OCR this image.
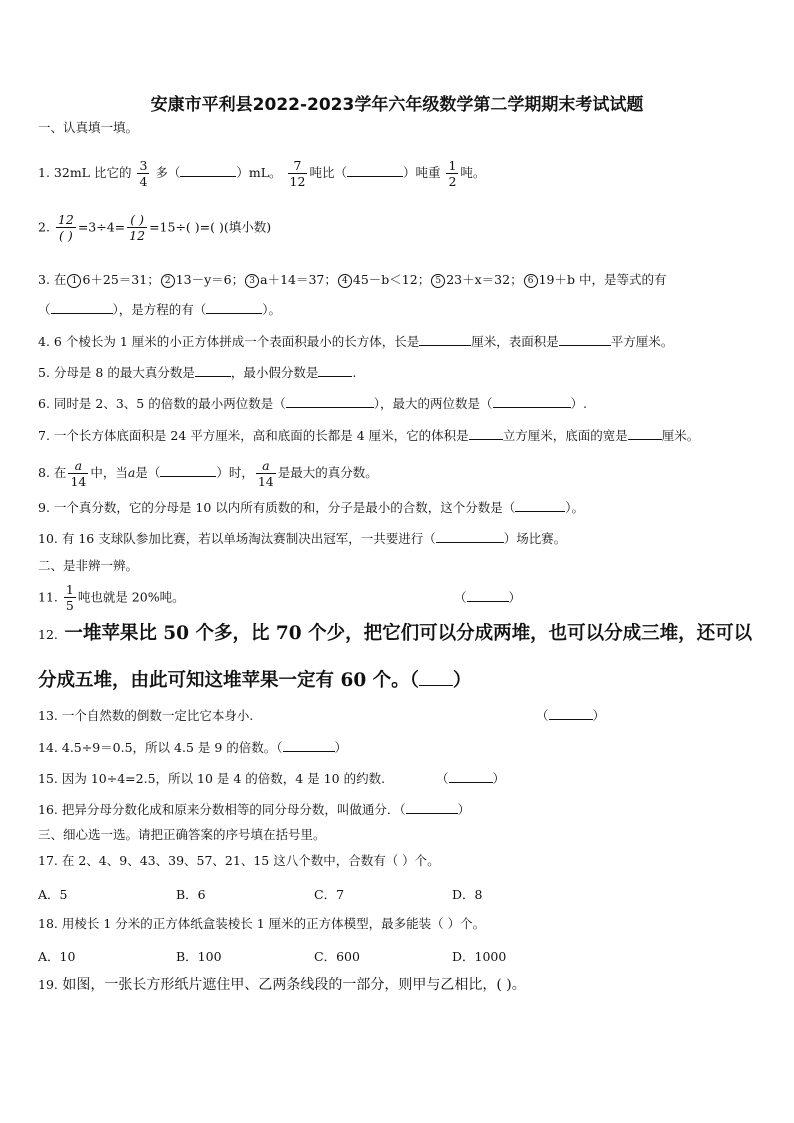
安康市平利县2022-2023学年六年级数学第二学期期末考试试题
一、认真填一填。
1. 32mL 比它的 $\frac{3}{4}$ 多（	）mL。 $\frac{7}{12}$ 吨比（	）吨重 $\frac{1}{2}$ 吨。
2. $\frac{12}{( )} =3\div 4= \frac{( )}{12} =15\div$( )=( )(填小数)
3. 在 1 6＋25＝31； 2 13－y＝6； 3 a＋14＝37； 4 45－b＜12； 5 23＋x＝32； 6 19＋b 中，是等式的有
（	），是方程的有（	）。
4. 6 个棱长为 1 厘米的小正方体拼成一个表面积最小的长方体，长是	厘米，表面积是	平方厘米。
5. 分母是 8 的最大真分数是	，最小假分数是	.
6. 同时是 2、3、5 的倍数的最小两位数是（	），最大的两位数是（	）.
7. 一个长方体底面积是 24 平方厘米，高和底面的长都是 4 厘米，它的体积是	立方厘米，底面的宽是	厘米。
8. 在 $\frac{a}{14}$ 中，当a是（	）时， $\frac{a}{14}$ 是最大的真分数。
9. 一个真分数，它的分母是 10 以内所有质数的和，分子是最小的合数，这个分数是（	）。
10. 有 16 支球队参加比赛，若以单场淘汰赛制决出冠军，一共要进行（	）场比赛。
二、是非辨一辨。
11. $\frac{1}{5}$ 吨也就是 20%吨。	（	）
12. 一堆苹果比 50 个多，比 70 个少，把它们可以分成两堆，也可以分成三堆，还可以
分成五堆，由此可知这堆苹果一定有 60 个。（ ）
13. 一个自然数的倒数一定比它本身小.	（	）
14. 4.5÷9＝0.5，所以 4.5 是 9 的倍数。（	）
15. 因为 10÷4=2.5，所以 10 是 4 的倍数，4 是 10 的约数.	（	）
16. 把异分母分数化成和原来分数相等的同分母分数，叫做通分．（	）
三、细心选一选。请把正确答案的序号填在括号里。
17. 在 2、4、9、43、39、57、21、15 这八个数中，合数有（ ）个。
A．5	B．6	C．7	D．8
18. 用棱长 1 分米的正方体纸盒装棱长 1 厘米的正方体模型，最多能装（ ）个。
A．10	B．100	C．600	D．1000
19. 如图，一张长方形纸片遮住甲、乙两条线段的一部分，则甲与乙相比，( )。
